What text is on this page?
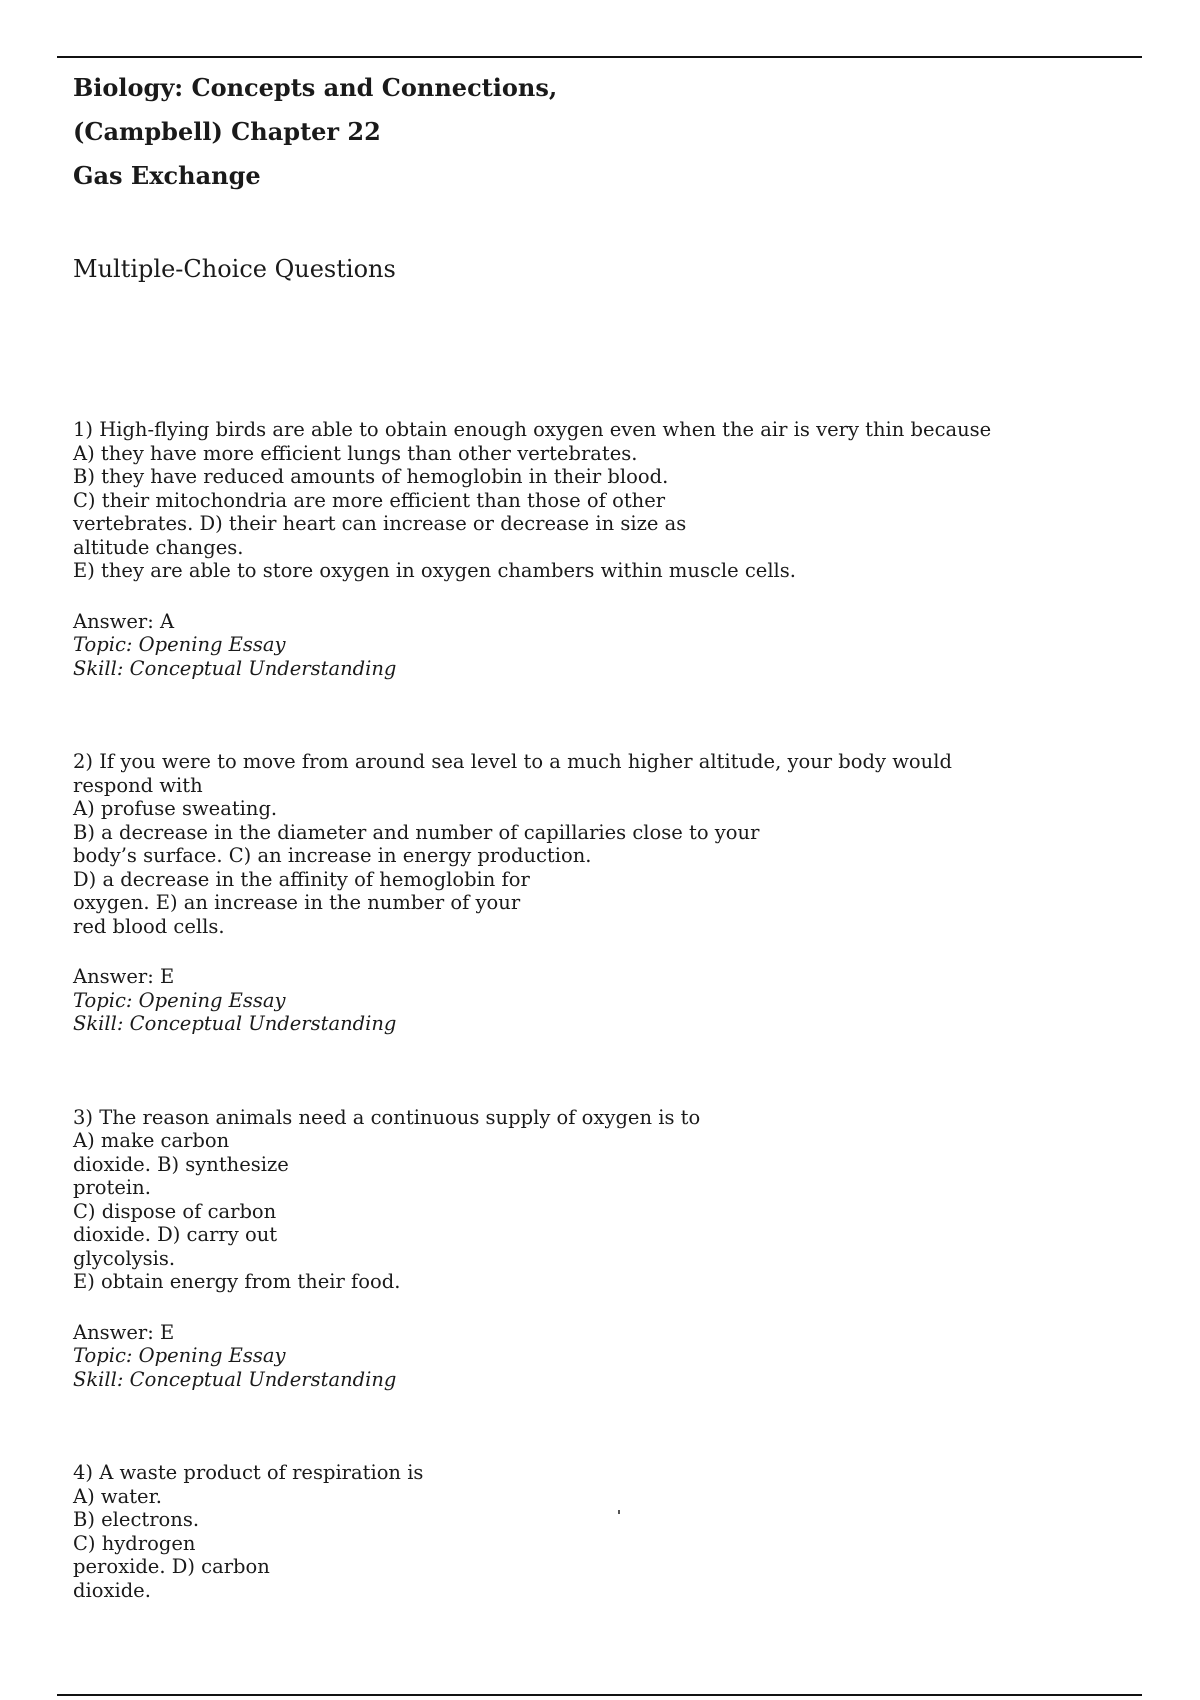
Biology: Concepts and Connections,

(Campbell) Chapter 22

Gas Exchange

Multiple-Choice Questions
1) High-flying birds are able to obtain enough oxygen even when the air is very thin because
A) they have more efficient lungs than other vertebrates.
B) they have reduced amounts of hemoglobin in their blood.
C) their mitochondria are more efficient than those of other
vertebrates. D) their heart can increase or decrease in size as
altitude changes.
E) they are able to store oxygen in oxygen chambers within muscle cells.
Answer: A
Topic: Opening Essay
Skill: Conceptual Understanding
2) If you were to move from around sea level to a much higher altitude, your body would
respond with
A) profuse sweating.
B) a decrease in the diameter and number of capillaries close to your
body’s surface. C) an increase in energy production.
D) a decrease in the affinity of hemoglobin for
oxygen. E) an increase in the number of your
red blood cells.
Answer: E
Topic: Opening Essay
Skill: Conceptual Understanding
3) The reason animals need a continuous supply of oxygen is to
A) make carbon
dioxide. B) synthesize
protein.
C) dispose of carbon
dioxide. D) carry out
glycolysis.
E) obtain energy from their food.
Answer: E
Topic: Opening Essay
Skill: Conceptual Understanding
4) A waste product of respiration is
A) water.
B) electrons.
C) hydrogen
peroxide. D) carbon
dioxide.
